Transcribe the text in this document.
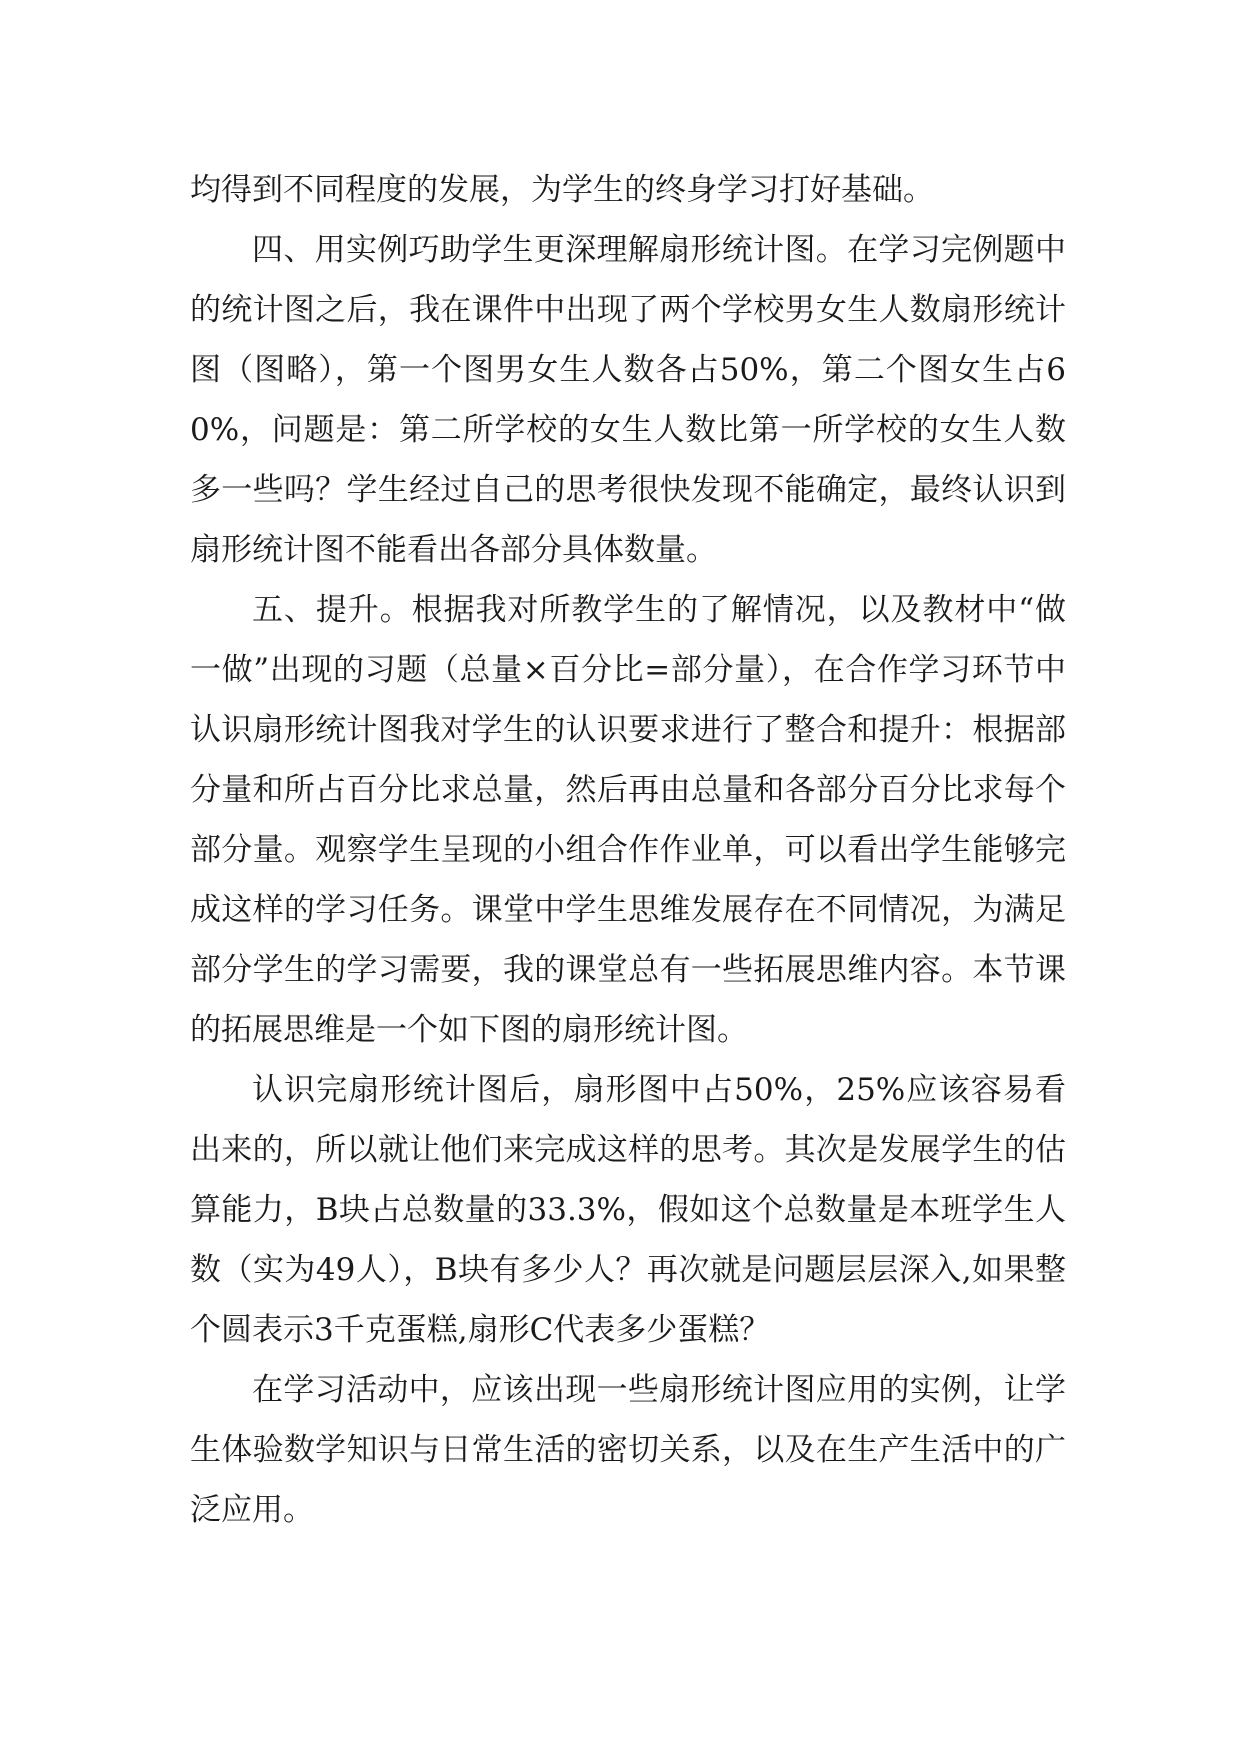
均得到不同程度的发展，为学生的终身学习打好基础。

四、用实例巧助学生更深理解扇形统计图。在学习完例题中的统计图之后，我在课件中出现了两个学校男女生人数扇形统计图（图略），第一个图男女生人数各占50%，第二个图女生占60%，问题是：第二所学校的女生人数比第一所学校的女生人数多一些吗？学生经过自己的思考很快发现不能确定，最终认识到扇形统计图不能看出各部分具体数量。

五、提升。根据我对所教学生的了解情况，以及教材中“做一做”出现的习题（总量×百分比=部分量），在合作学习环节中认识扇形统计图我对学生的认识要求进行了整合和提升：根据部分量和所占百分比求总量，然后再由总量和各部分百分比求每个部分量。观察学生呈现的小组合作作业单，可以看出学生能够完成这样的学习任务。课堂中学生思维发展存在不同情况，为满足部分学生的学习需要，我的课堂总有一些拓展思维内容。本节课的拓展思维是一个如下图的扇形统计图。

认识完扇形统计图后，扇形图中占50%，25%应该容易看出来的，所以就让他们来完成这样的思考。其次是发展学生的估算能力，B块占总数量的33.3%，假如这个总数量是本班学生人数（实为49人），B块有多少人？再次就是问题层层深入,如果整个圆表示3千克蛋糕,扇形C代表多少蛋糕？

在学习活动中，应该出现一些扇形统计图应用的实例，让学生体验数学知识与日常生活的密切关系，以及在生产生活中的广泛应用。
